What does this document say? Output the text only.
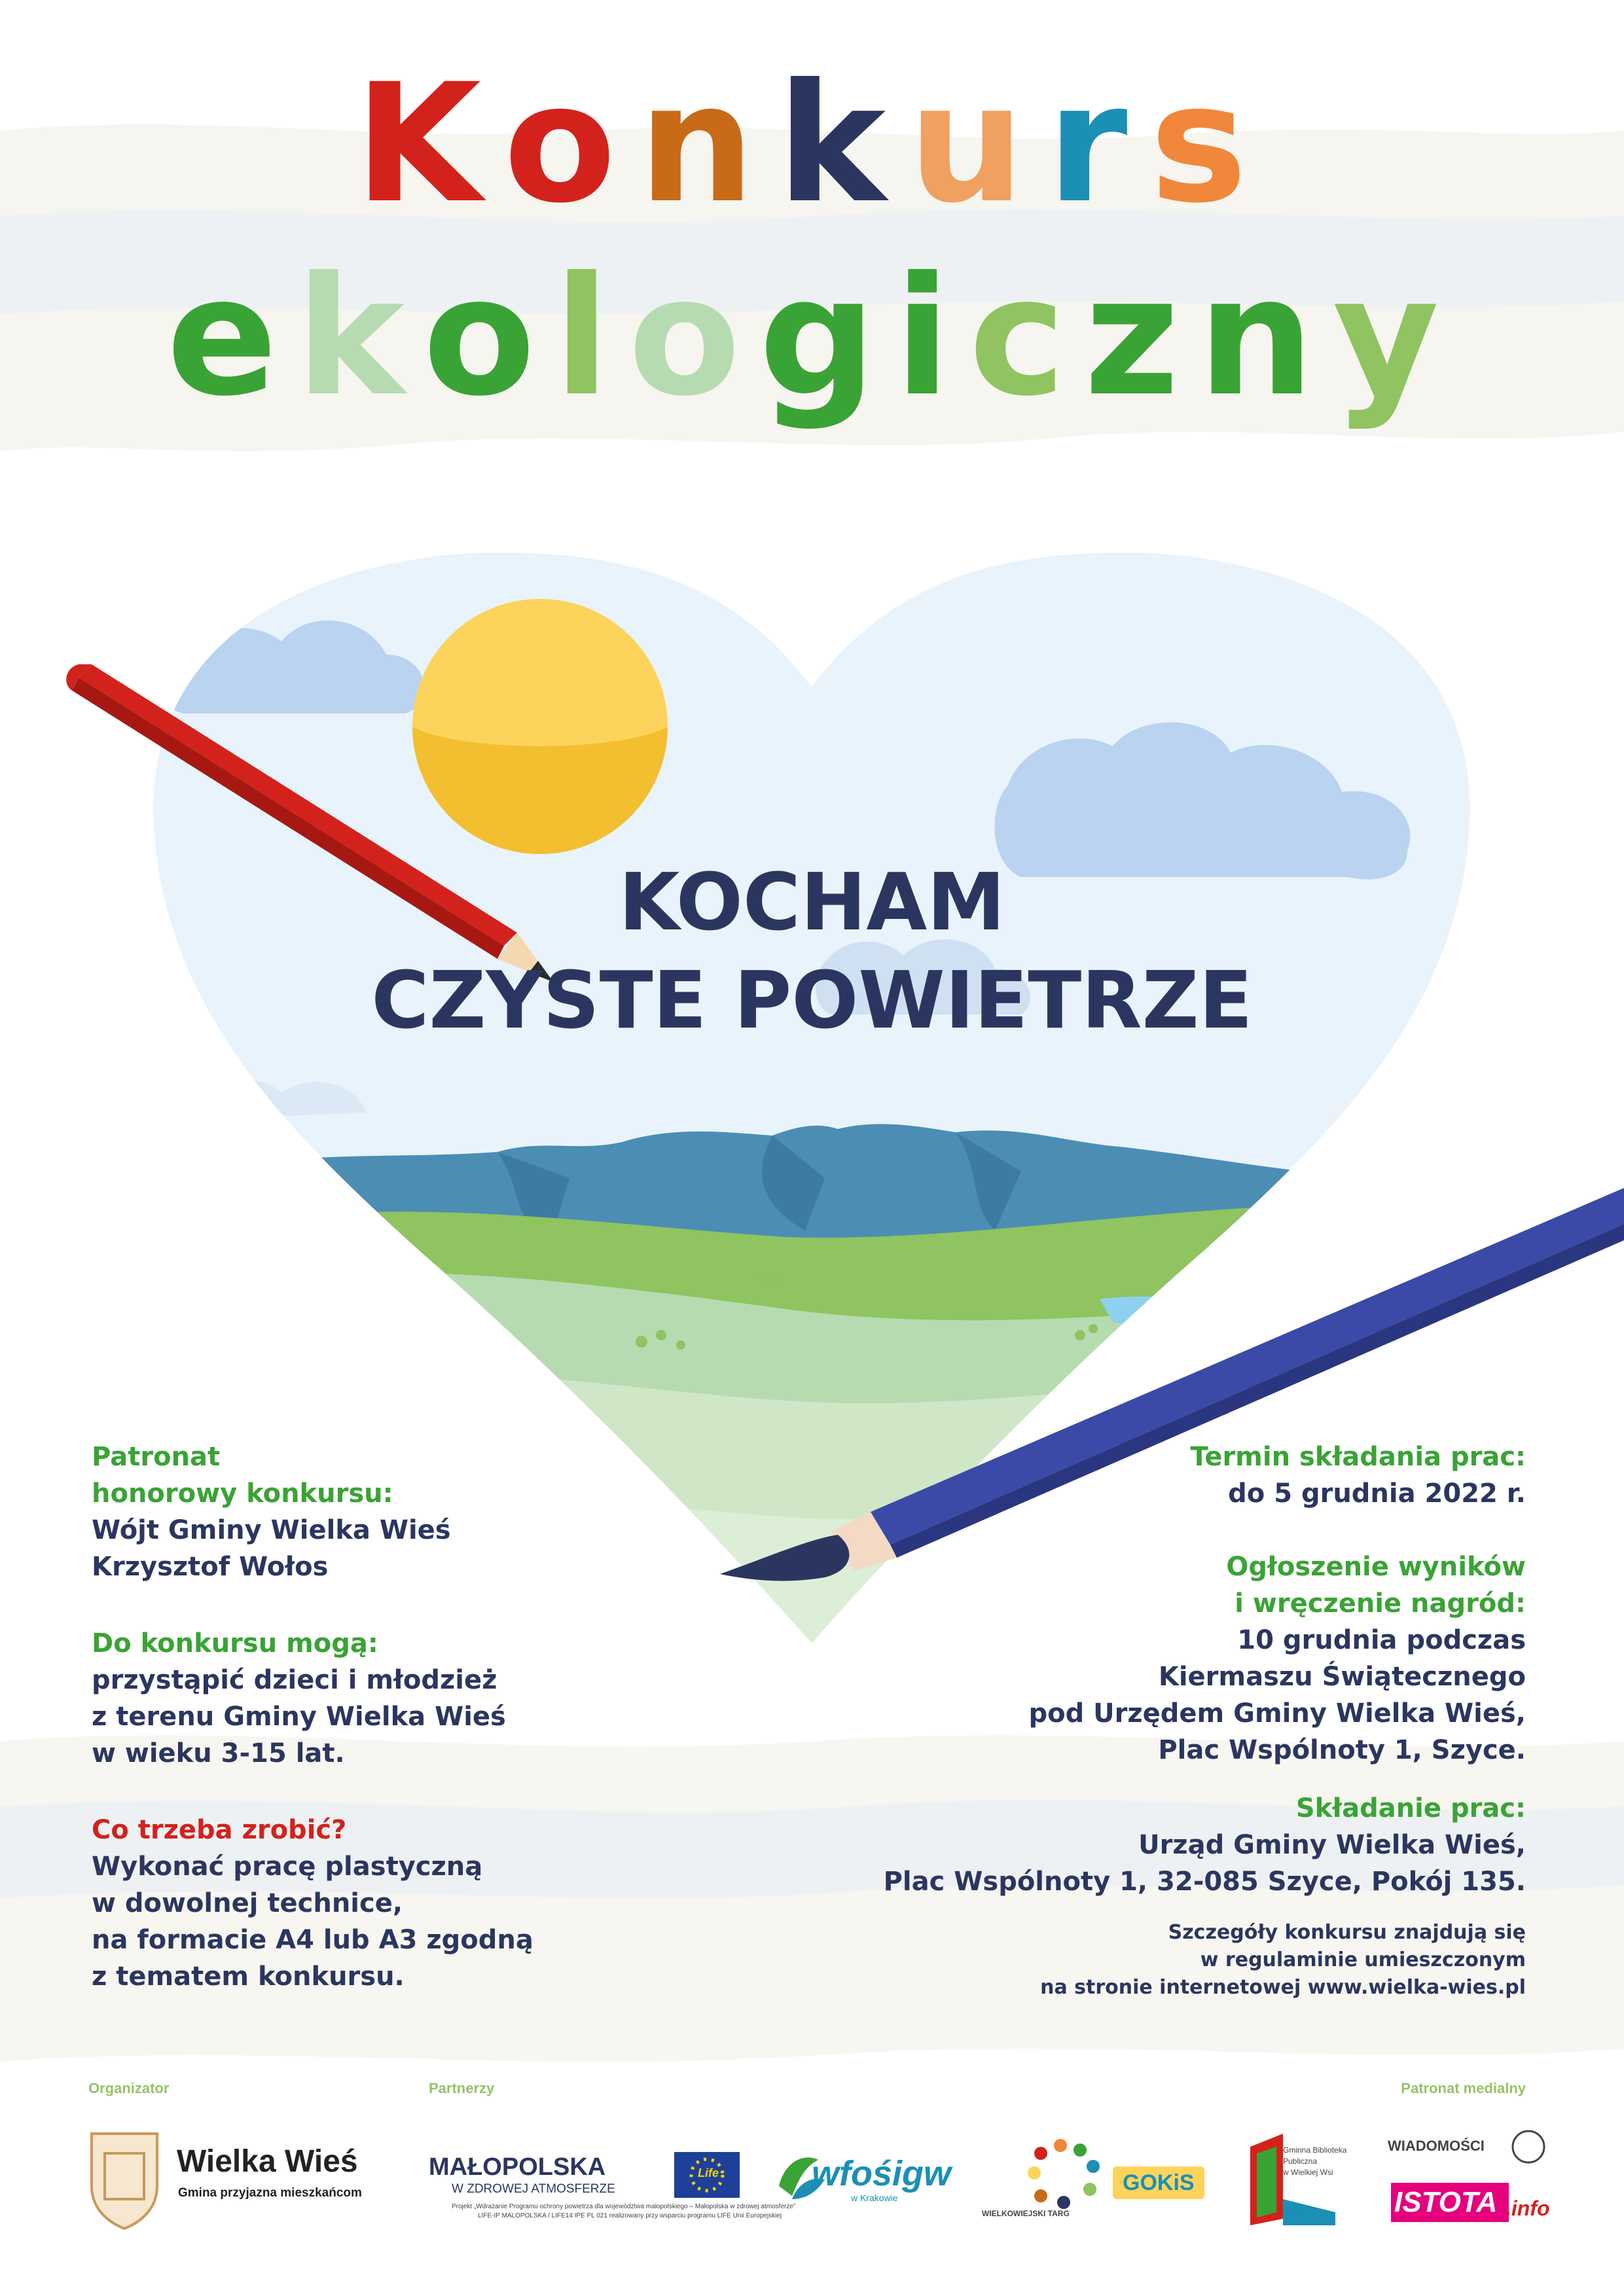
Konkurs
ekologiczny
KOCHAM
CZYSTE POWIETRZE
Patronat
honorowy konkursu:
Wójt Gminy Wielka Wieś
Krzysztof Wołos
Do konkursu mogą:
przystąpić dzieci i młodzież
z terenu Gminy Wielka Wieś
w wieku 3-15 lat.
Co trzeba zrobić?
Wykonać pracę plastyczną
w dowolnej technice,
na formacie A4 lub A3 zgodną
z tematem konkursu.
Termin składania prac:
do 5 grudnia 2022 r.
Ogłoszenie wyników
i wręczenie nagród:
10 grudnia podczas
Kiermaszu Świątecznego
pod Urzędem Gminy Wielka Wieś,
Plac Wspólnoty 1, Szyce.
Składanie prac:
Urząd Gminy Wielka Wieś,
Plac Wspólnoty 1, 32-085 Szyce, Pokój 135.
Szczegóły konkursu znajdują się
w regulaminie umieszczonym
na stronie internetowej www.wielka-wies.pl
Organizator	Partnerzy	Patronat medialny
Wielka Wieś
Gmina przyjazna mieszkańcom
MAŁOPOLSKA
W ZDROWEJ ATMOSFERZE
Projekt „Wdrażanie Programu ochrony powietrza dla województwa małopolskiego – Małopolska w zdrowej atmosferze”
LIFE-IP MALOPOLSKA / LIFE14 IPE PL 021 realizowany przy wsparciu programu LIFE Unii Europejskiej
Life	wfośigw
w Krakowie
WIELKOWIEJSKI TARG
GOKiS
Gminna Biblioteka
Publiczna
w Wielkiej Wsi
WIADOMOŚCI
ISTOTA .info
